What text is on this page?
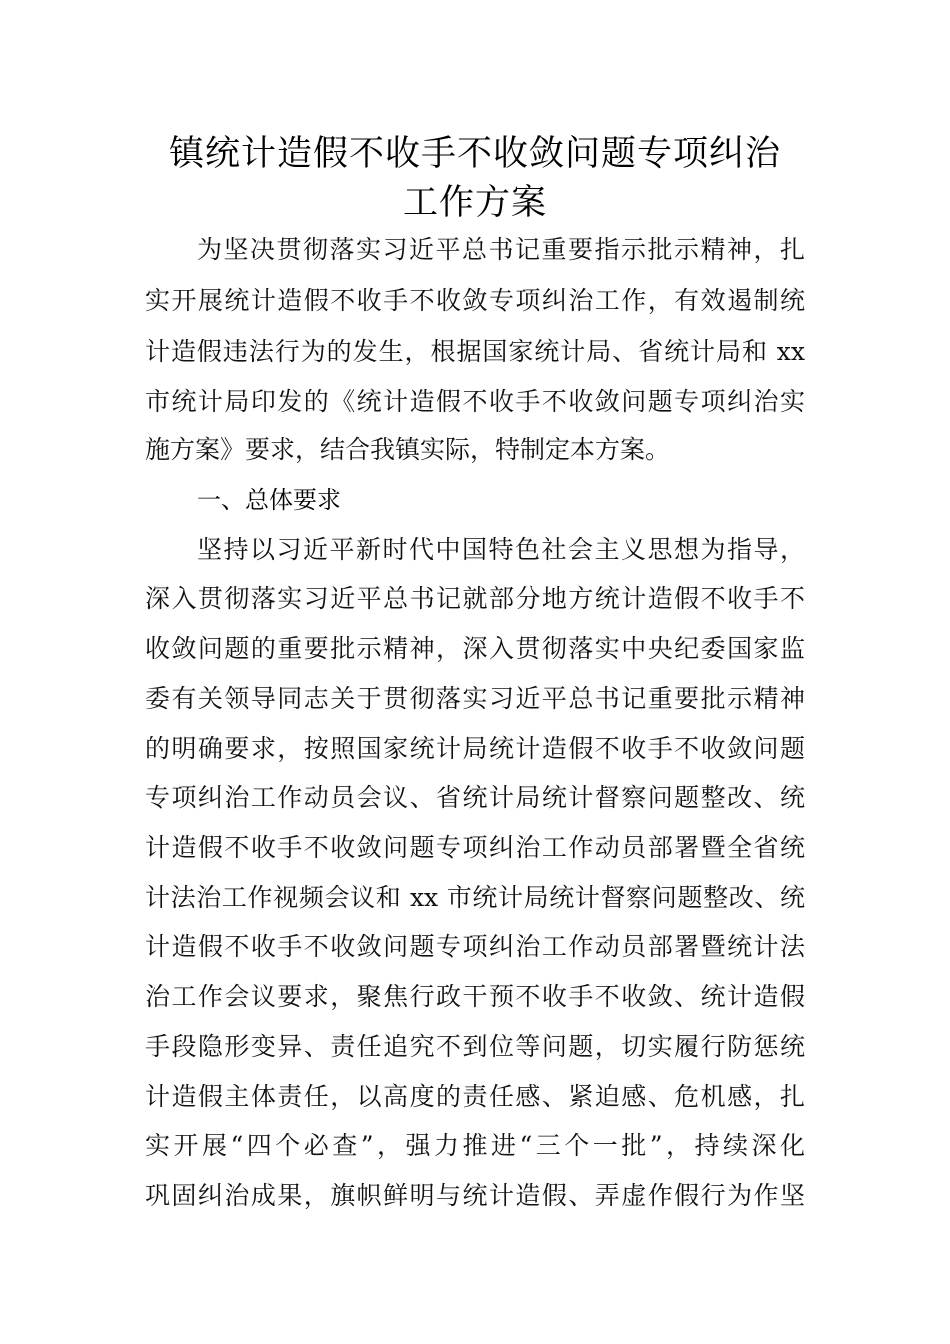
镇统计造假不收手不收敛问题专项纠治
工作方案
为坚决贯彻落实习近平总书记重要指示批示精神，扎
实开展统计造假不收手不收敛专项纠治工作，有效遏制统
计造假违法行为的发生，根据国家统计局、省统计局和 xx
市统计局印发的《统计造假不收手不收敛问题专项纠治实
施方案》要求，结合我镇实际，特制定本方案。
一、总体要求
坚持以习近平新时代中国特色社会主义思想为指导，
深入贯彻落实习近平总书记就部分地方统计造假不收手不
收敛问题的重要批示精神，深入贯彻落实中央纪委国家监
委有关领导同志关于贯彻落实习近平总书记重要批示精神
的明确要求，按照国家统计局统计造假不收手不收敛问题
专项纠治工作动员会议、省统计局统计督察问题整改、统
计造假不收手不收敛问题专项纠治工作动员部署暨全省统
计法治工作视频会议和 xx 市统计局统计督察问题整改、统
计造假不收手不收敛问题专项纠治工作动员部署暨统计法
治工作会议要求，聚焦行政干预不收手不收敛、统计造假
手段隐形变异、责任追究不到位等问题，切实履行防惩统
计造假主体责任，以高度的责任感、紧迫感、危机感，扎
实开展“四个必查”，强力推进“三个一批”，持续深化
巩固纠治成果，旗帜鲜明与统计造假、弄虚作假行为作坚
